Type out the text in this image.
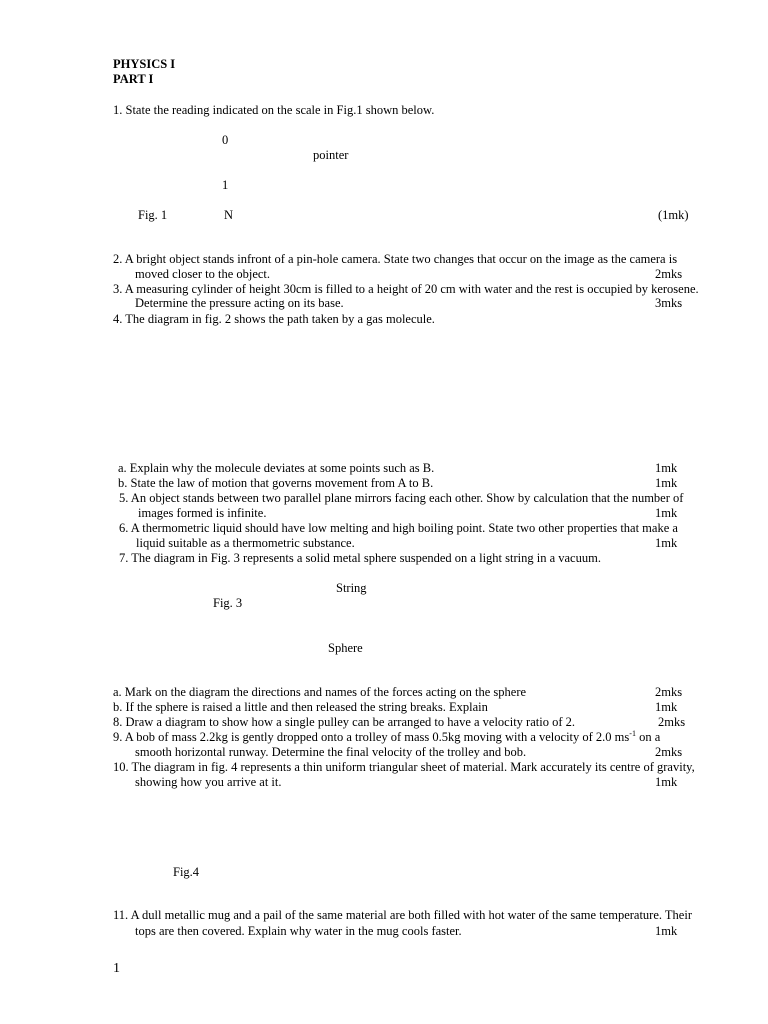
PHYSICS I
PART I
1. State the reading indicated on the scale in Fig.1 shown below.
0
pointer
1
Fig. 1	N	(1mk)
2. A bright object stands infront of a pin-hole camera. State two changes that occur on the image as the camera is
moved closer to the object.	2mks
3. A measuring cylinder of height 30cm is filled to a height of 20 cm with water and the rest is occupied by kerosene.
Determine the pressure acting on its base.	3mks
4. The diagram in fig. 2 shows the path taken by a gas molecule.
a. Explain why the molecule deviates at some points such as B.	1mk
b. State the law of motion that governs movement from A to B.	1mk
5. An object stands between two parallel plane mirrors facing each other. Show by calculation that the number of
images formed is infinite.	1mk
6. A thermometric liquid should have low melting and high boiling point. State two other properties that make a
liquid suitable as a thermometric substance.	1mk
7. The diagram in Fig. 3 represents a solid metal sphere suspended on a light string in a vacuum.
String
Fig. 3
Sphere
a. Mark on the diagram the directions and names of the forces acting on the sphere	2mks
b. If the sphere is raised a little and then released the string breaks. Explain	1mk
8. Draw a diagram to show how a single pulley can be arranged to have a velocity ratio of 2.	2mks
9. A bob of mass 2.2kg is gently dropped onto a trolley of mass 0.5kg moving with a velocity of 2.0 $ms^{-1}$ on a
smooth horizontal runway. Determine the final velocity of the trolley and bob.	2mks
10. The diagram in fig. 4 represents a thin uniform triangular sheet of material. Mark accurately its centre of gravity,
showing how you arrive at it.	1mk
Fig.4
11. A dull metallic mug and a pail of the same material are both filled with hot water of the same temperature. Their
tops are then covered. Explain why water in the mug cools faster.	1mk
1
